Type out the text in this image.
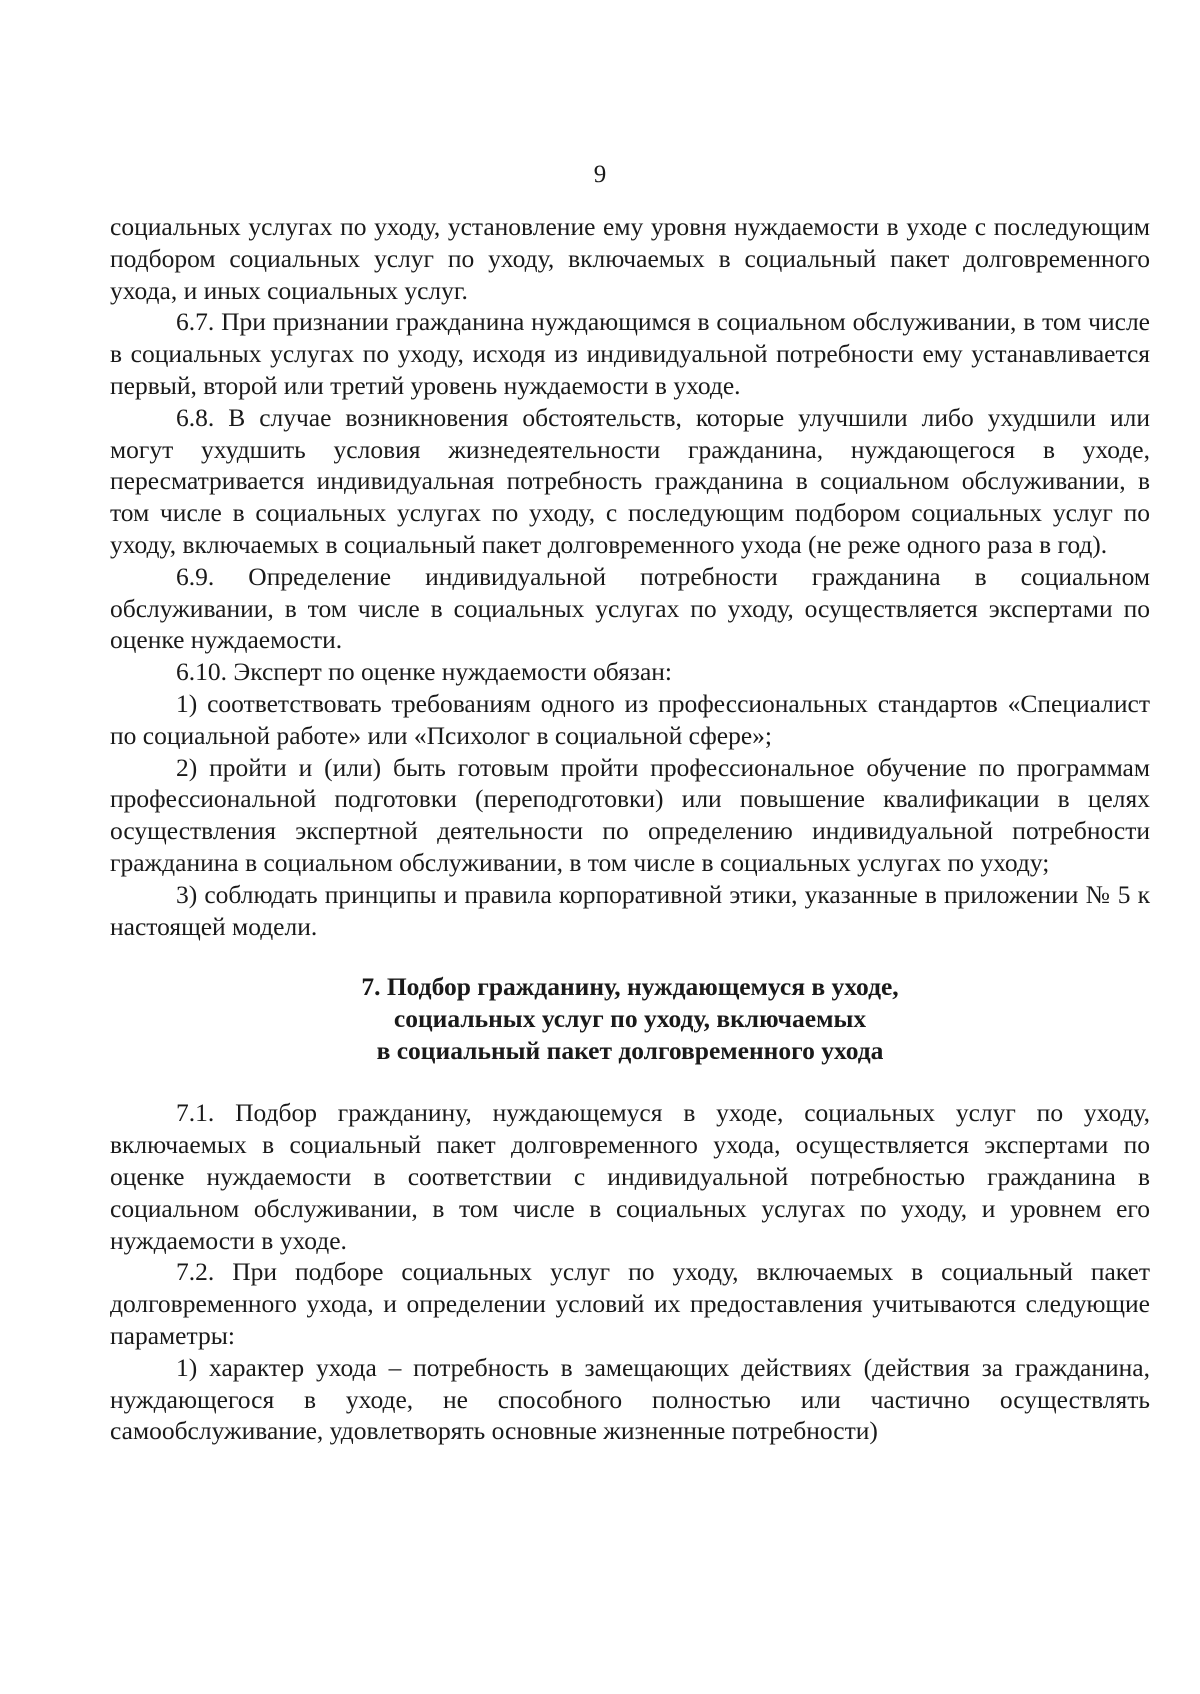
9

социальных услугах по уходу, установление ему уровня нуждаемости в уходе с последующим подбором социальных услуг по уходу, включаемых в социальный пакет долговременного ухода, и иных социальных услуг.

6.7. При признании гражданина нуждающимся в социальном обслуживании, в том числе в социальных услугах по уходу, исходя из индивидуальной потребности ему устанавливается первый, второй или третий уровень нуждаемости в уходе.

6.8. В случае возникновения обстоятельств, которые улучшили либо ухудшили или могут ухудшить условия жизнедеятельности гражданина, нуждающегося в уходе, пересматривается индивидуальная потребность гражданина в социальном обслуживании, в том числе в социальных услугах по уходу, с последующим подбором социальных услуг по уходу, включаемых в социальный пакет долговременного ухода (не реже одного раза в год).

6.9. Определение индивидуальной потребности гражданина в социальном обслуживании, в том числе в социальных услугах по уходу, осуществляется экспертами по оценке нуждаемости.

6.10. Эксперт по оценке нуждаемости обязан:

1) соответствовать требованиям одного из профессиональных стандартов «Специалист по социальной работе» или «Психолог в социальной сфере»;

2) пройти и (или) быть готовым пройти профессиональное обучение по программам профессиональной подготовки (переподготовки) или повышение квалификации в целях осуществления экспертной деятельности по определению индивидуальной потребности гражданина в социальном обслуживании, в том числе в социальных услугах по уходу;

3) соблюдать принципы и правила корпоративной этики, указанные в приложении № 5 к настоящей модели.

7. Подбор гражданину, нуждающемуся в уходе,
социальных услуг по уходу, включаемых
в социальный пакет долговременного ухода

7.1. Подбор гражданину, нуждающемуся в уходе, социальных услуг по уходу, включаемых в социальный пакет долговременного ухода, осуществляется экспертами по оценке нуждаемости в соответствии с индивидуальной потребностью гражданина в социальном обслуживании, в том числе в социальных услугах по уходу, и уровнем его нуждаемости в уходе.

7.2. При подборе социальных услуг по уходу, включаемых в социальный пакет долговременного ухода, и определении условий их предоставления учитываются следующие параметры:

1) характер ухода – потребность в замещающих действиях (действия за гражданина, нуждающегося в уходе, не способного полностью или частично осуществлять самообслуживание, удовлетворять основные жизненные потребности)
